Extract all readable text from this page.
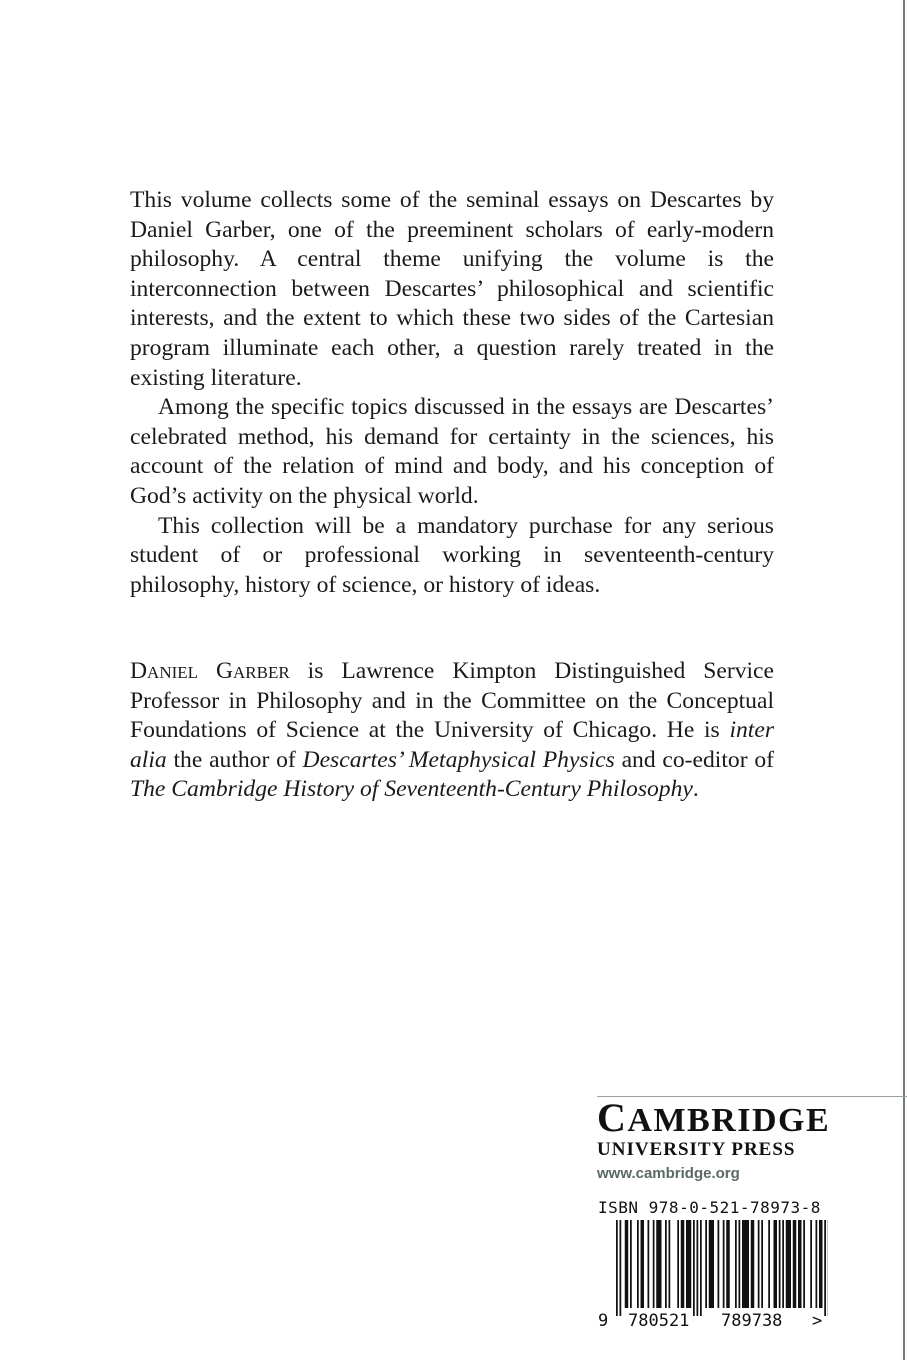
This volume collects some of the seminal essays on Descartes by Daniel Garber, one of the preeminent scholars of early-modern philosophy. A central theme unifying the volume is the interconnection between Descartes’ philosophical and scientific interests, and the extent to which these two sides of the Cartesian program illuminate each other, a question rarely treated in the existing literature.

Among the specific topics discussed in the essays are Descartes’ celebrated method, his demand for certainty in the sciences, his account of the relation of mind and body, and his conception of God’s activity on the physical world.

This collection will be a mandatory purchase for any serious student of or professional working in seventeenth-century philosophy, history of science, or history of ideas.

Daniel Garber is Lawrence Kimpton Distinguished Service Professor in Philosophy and in the Committee on the Conceptual Foundations of Science at the University of Chicago. He is inter alia the author of Descartes’ Metaphysical Physics and co-editor of The Cambridge History of Seventeenth-Century Philosophy.

CAMBRIDGE
UNIVERSITY PRESS
www.cambridge.org
ISBN 978-0-521-78973-8
9 780521 789738 >
